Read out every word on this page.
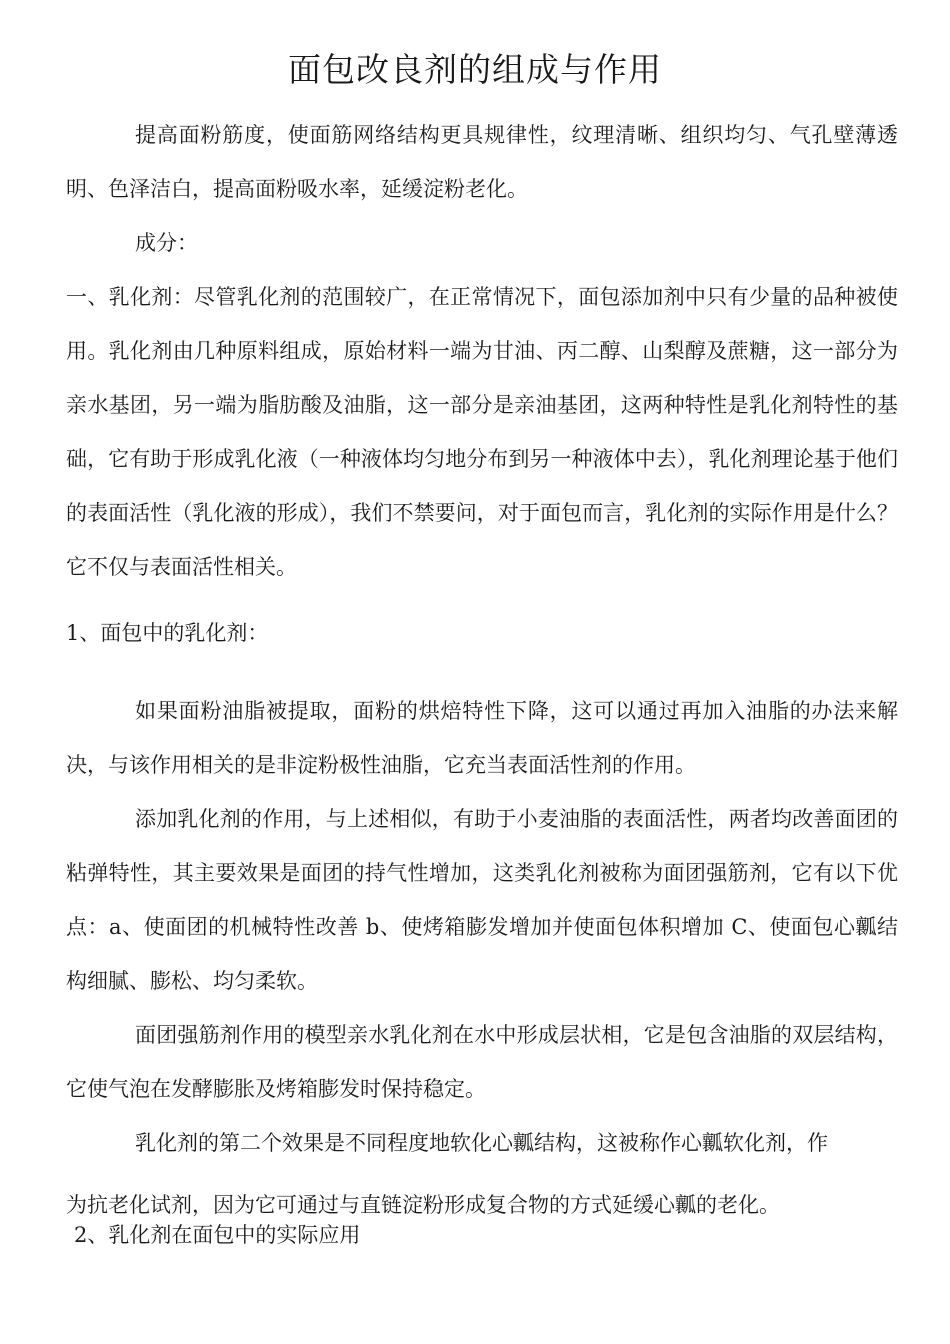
面包改良剂的组成与作用

提高面粉筋度，使面筋网络结构更具规律性，纹理清晰、组织均匀、气孔壁薄透明、色泽洁白，提高面粉吸水率，延缓淀粉老化。

成分：

一、乳化剂：尽管乳化剂的范围较广，在正常情况下，面包添加剂中只有少量的品种被使用。乳化剂由几种原料组成，原始材料一端为甘油、丙二醇、山梨醇及蔗糖，这一部分为亲水基团，另一端为脂肪酸及油脂，这一部分是亲油基团，这两种特性是乳化剂特性的基础，它有助于形成乳化液（一种液体均匀地分布到另一种液体中去），乳化剂理论基于他们的表面活性（乳化液的形成），我们不禁要问，对于面包而言，乳化剂的实际作用是什么？它不仅与表面活性相关。

1、面包中的乳化剂：

如果面粉油脂被提取，面粉的烘焙特性下降，这可以通过再加入油脂的办法来解决，与该作用相关的是非淀粉极性油脂，它充当表面活性剂的作用。

添加乳化剂的作用，与上述相似，有助于小麦油脂的表面活性，两者均改善面团的粘弹特性，其主要效果是面团的持气性增加，这类乳化剂被称为面团强筋剂，它有以下优点：a、使面团的机械特性改善 b、使烤箱膨发增加并使面包体积增加 C、使面包心瓤结构细腻、膨松、均匀柔软。

面团强筋剂作用的模型亲水乳化剂在水中形成层状相，它是包含油脂的双层结构，它使气泡在发酵膨胀及烤箱膨发时保持稳定。

乳化剂的第二个效果是不同程度地软化心瓤结构，这被称作心瓤软化剂，作

为抗老化试剂，因为它可通过与直链淀粉形成复合物的方式延缓心瓤的老化。

2、乳化剂在面包中的实际应用
